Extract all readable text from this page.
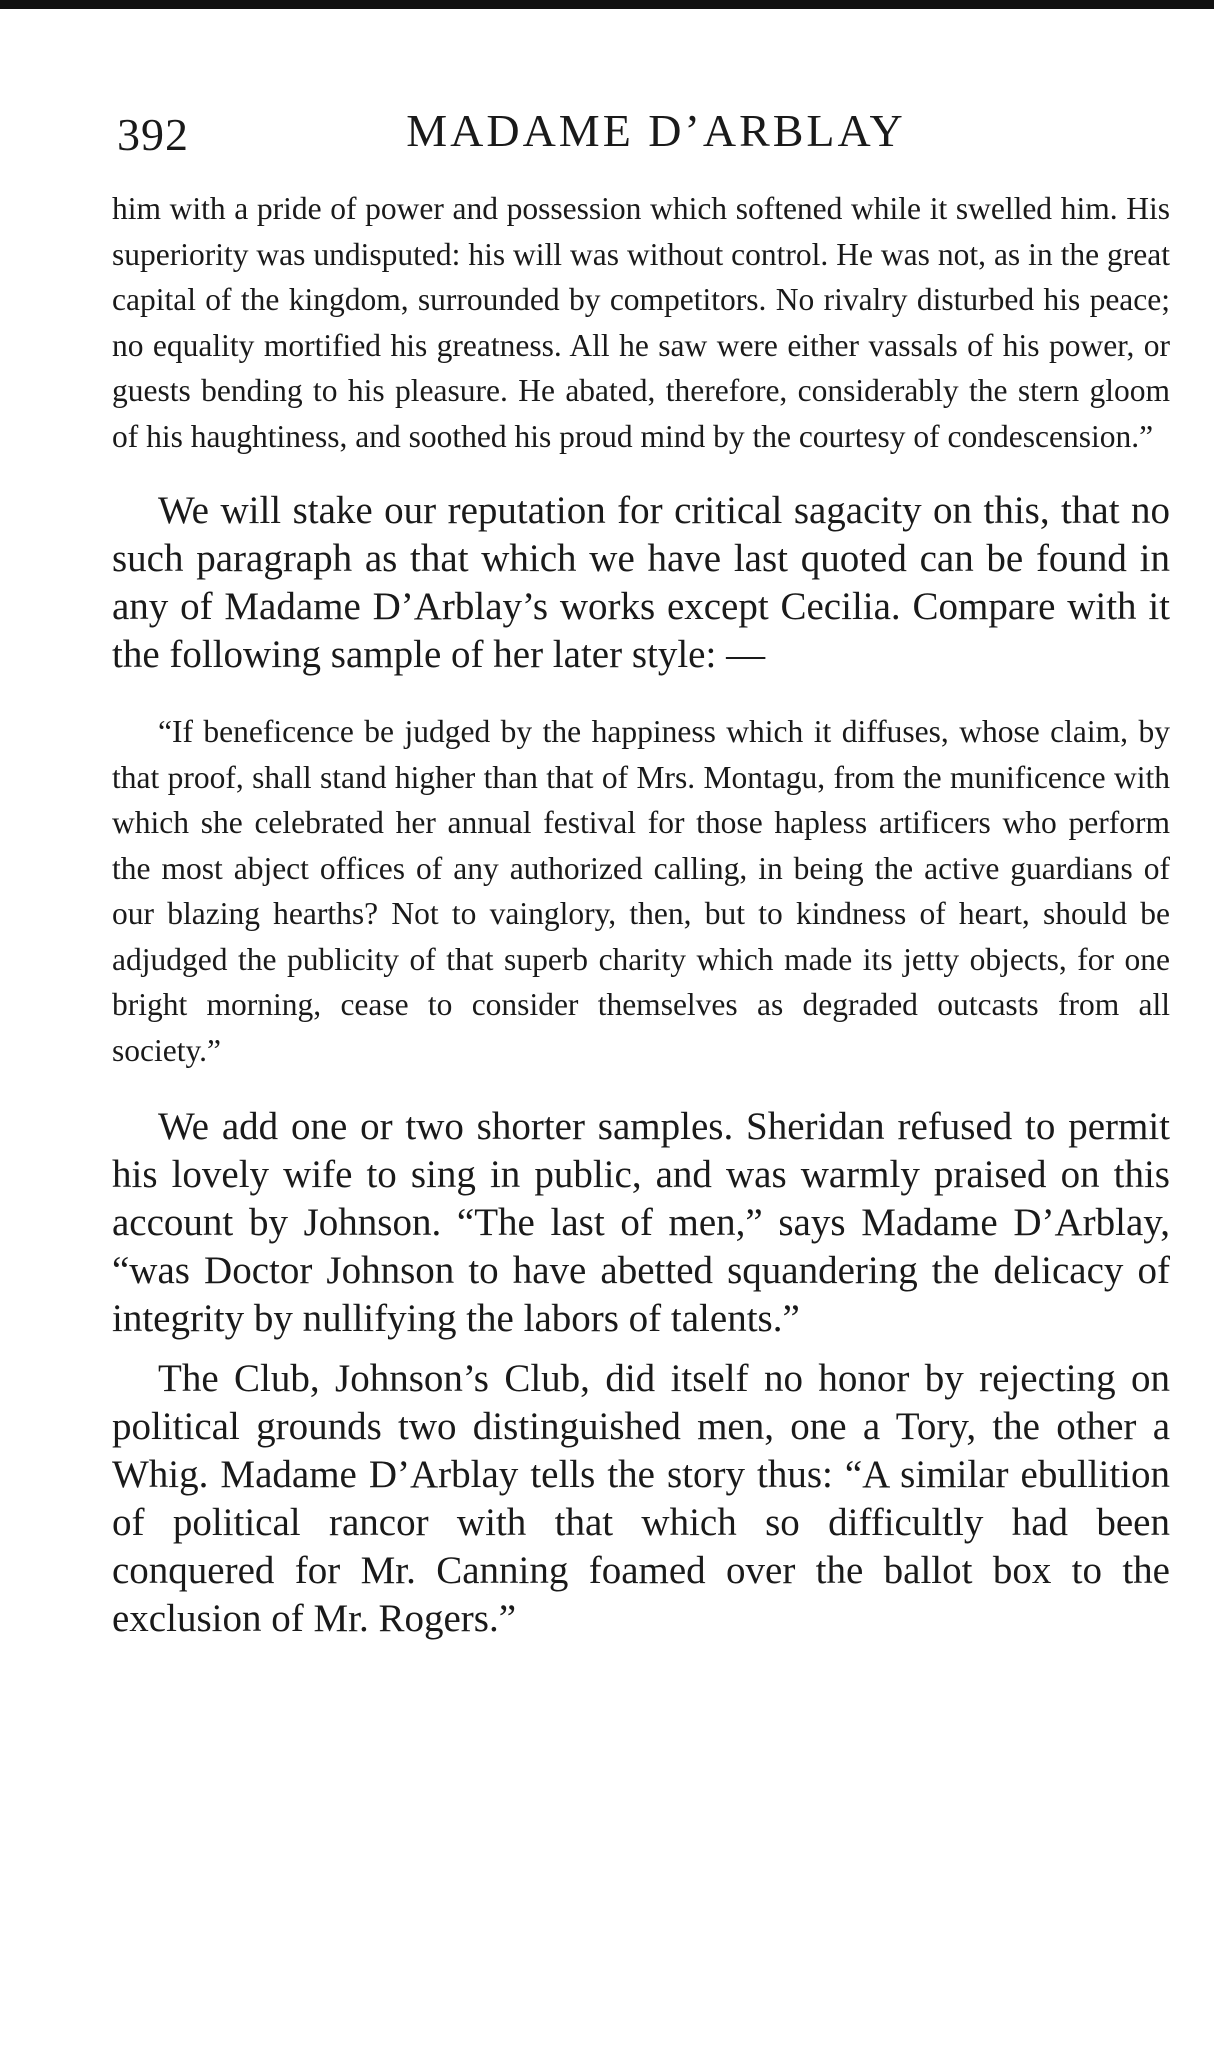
392	MADAME D’ARBLAY

him with a pride of power and possession which softened while it swelled him. His superiority was undisputed: his will was without control. He was not, as in the great capital of the kingdom, surrounded by competitors. No rivalry disturbed his peace; no equality mortified his greatness. All he saw were either vassals of his power, or guests bending to his pleasure. He abated, therefore, considerably the stern gloom of his haughtiness, and soothed his proud mind by the courtesy of condescension.”

We will stake our reputation for critical sagacity on this, that no such paragraph as that which we have last quoted can be found in any of Madame D’Arblay’s works except Cecilia. Compare with it the following sample of her later style: —

“If beneficence be judged by the happiness which it diffuses, whose claim, by that proof, shall stand higher than that of Mrs. Montagu, from the munificence with which she celebrated her annual festival for those hapless artificers who perform the most abject offices of any authorized calling, in being the active guardians of our blazing hearths? Not to vainglory, then, but to kindness of heart, should be adjudged the publicity of that superb charity which made its jetty objects, for one bright morning, cease to consider themselves as degraded outcasts from all society.”

We add one or two shorter samples. Sheridan refused to permit his lovely wife to sing in public, and was warmly praised on this account by Johnson. “The last of men,” says Madame D’Arblay, “was Doctor Johnson to have abetted squandering the delicacy of integrity by nullifying the labors of talents.”

The Club, Johnson’s Club, did itself no honor by rejecting on political grounds two distinguished men, one a Tory, the other a Whig. Madame D’Arblay tells the story thus: “A similar ebullition of political rancor with that which so difficultly had been conquered for Mr. Canning foamed over the ballot box to the exclusion of Mr. Rogers.”
